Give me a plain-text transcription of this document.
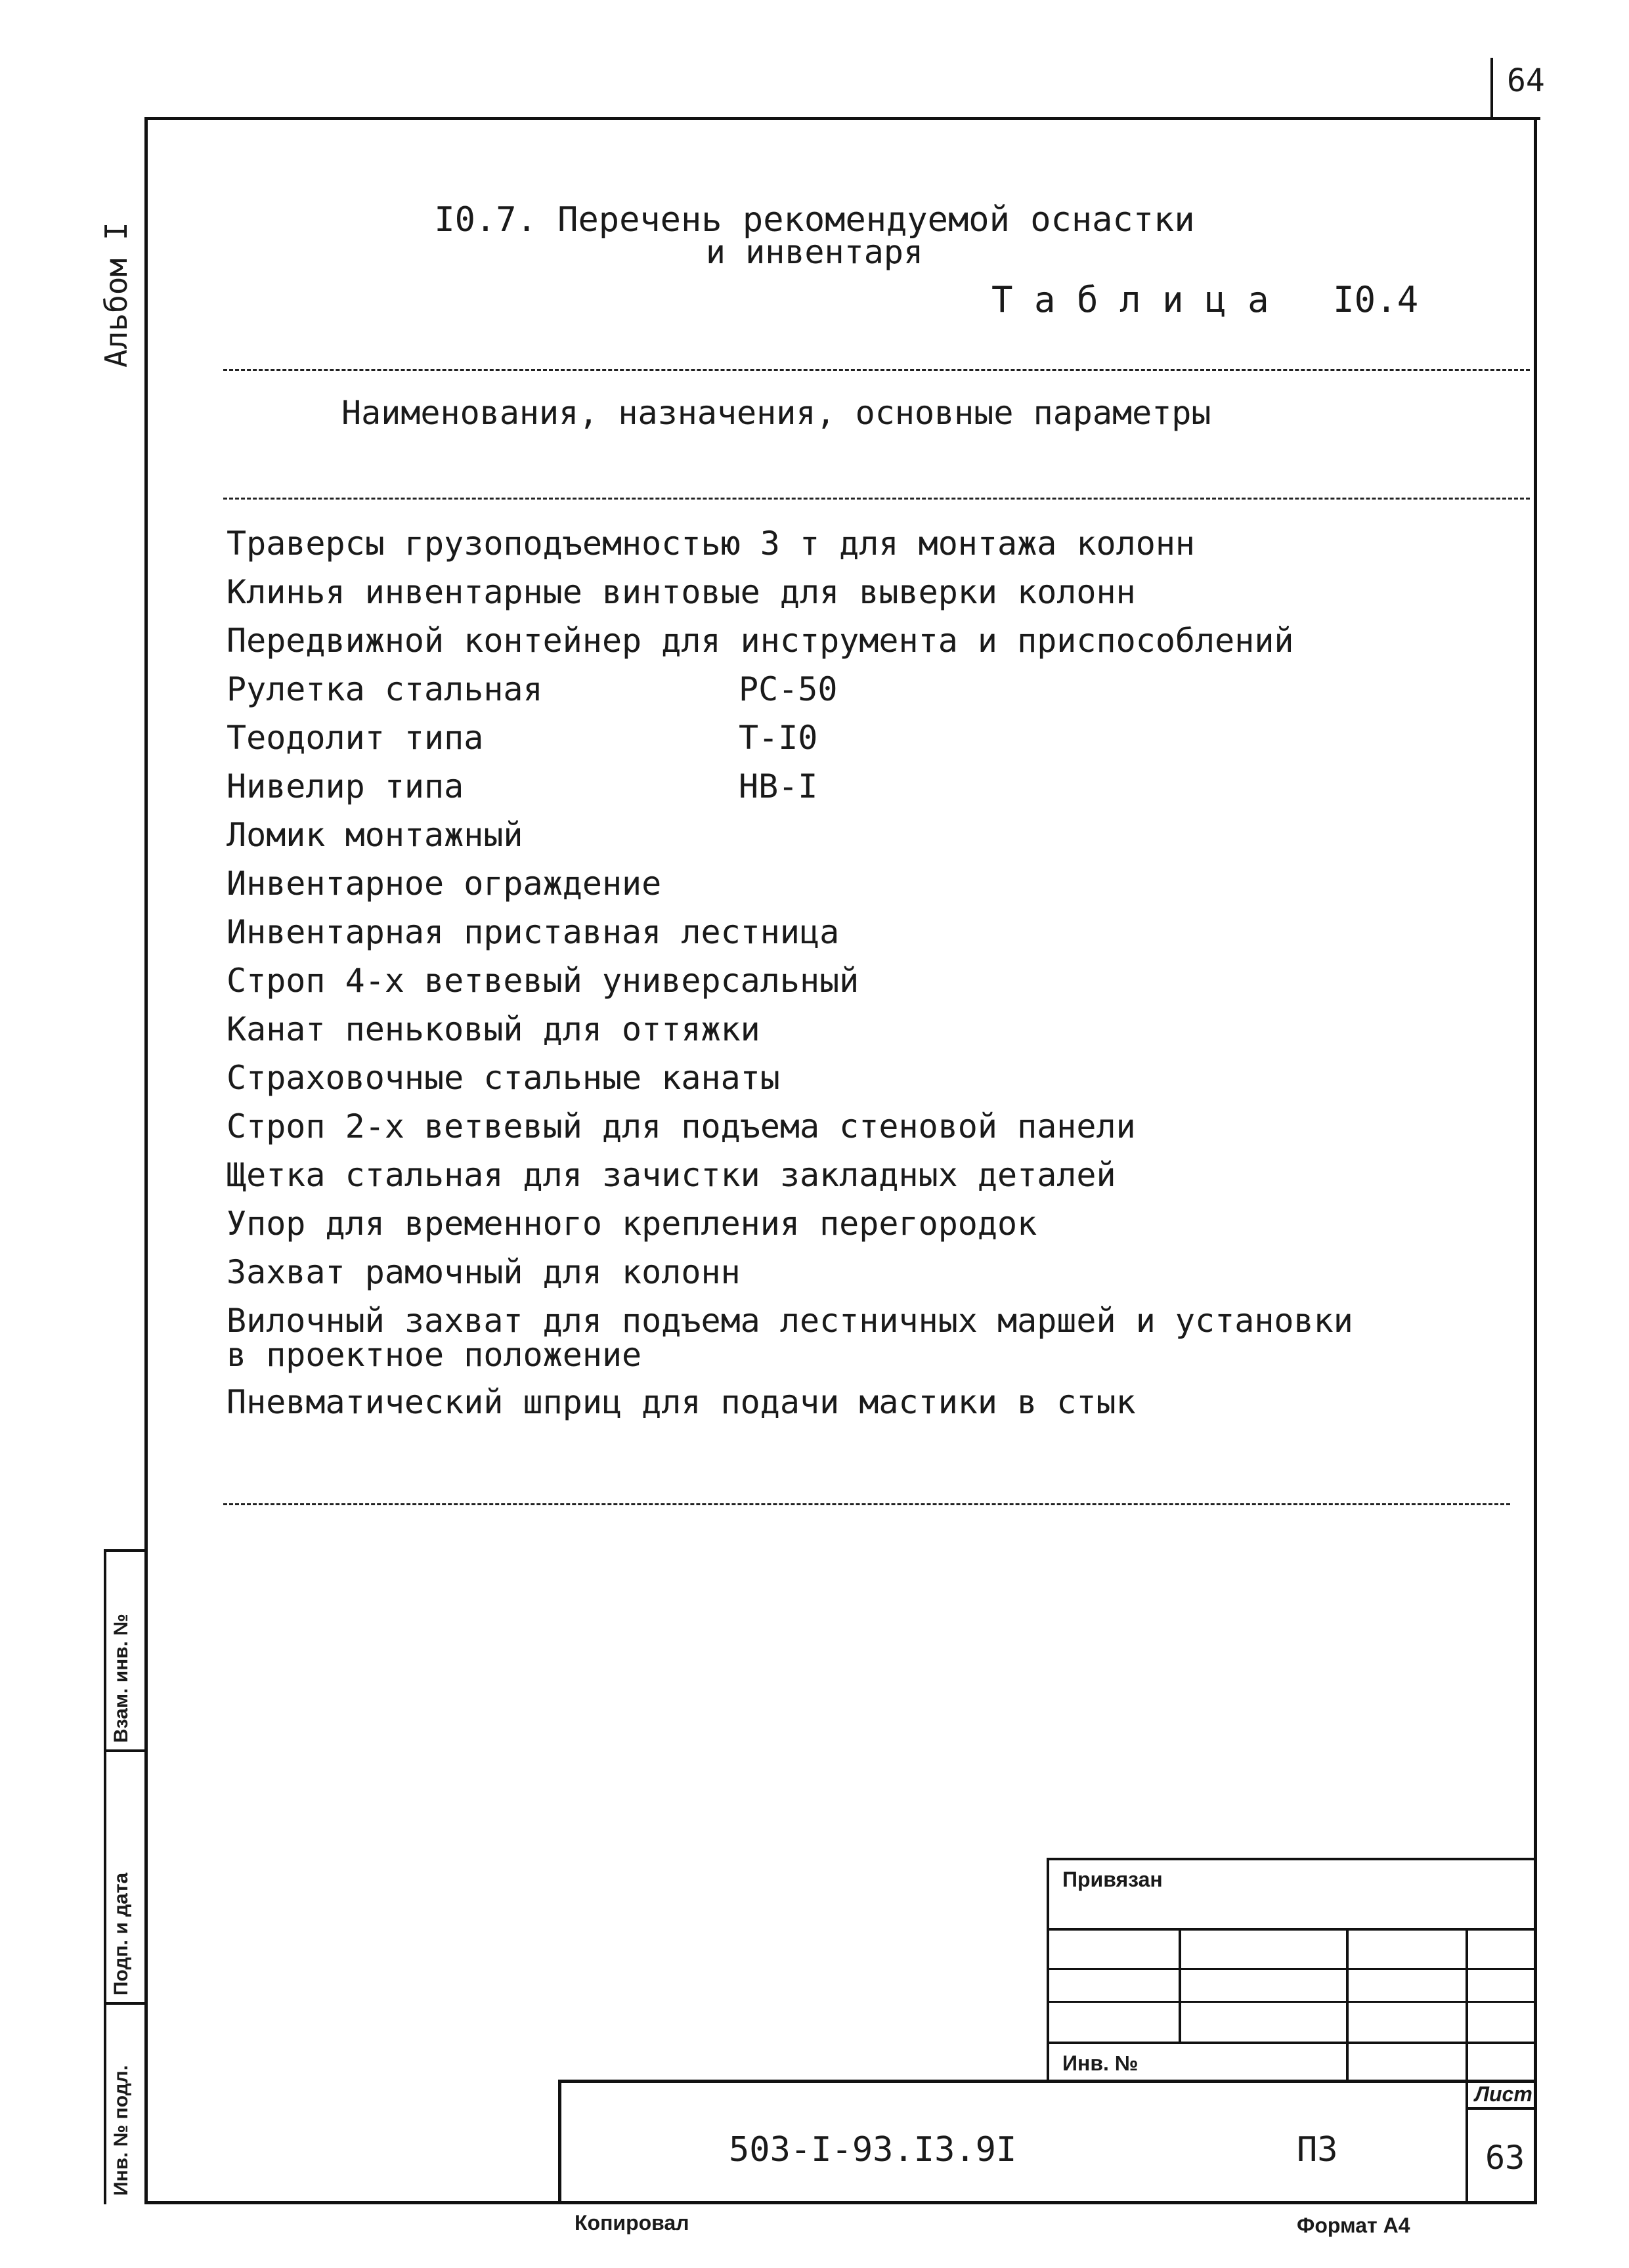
64
Альбом I
Взам. инв. №
Подп. и дата
Инв. № подл.
I0.7. Перечень рекомендуемой оснастки
и инвентаря
Т а б л и ц а   I0.4
Наименования, назначения, основные параметры
Траверсы грузоподъемностью 3 т для монтажа колонн
Клинья инвентарные винтовые для выверки колонн
Передвижной контейнер для инструмента и приспособлений
Рулетка стальная	РС-50
Теодолит типа	Т-I0
Нивелир типа	НВ-I
Ломик монтажный
Инвентарное ограждение
Инвентарная приставная лестница
Строп 4-х ветвевый универсальный
Канат пеньковый для оттяжки
Страховочные стальные канаты
Строп 2-х ветвевый для подъема стеновой панели
Щетка стальная для зачистки закладных деталей
Упор для временного крепления перегородок
Захват рамочный для колонн
Вилочный захват для подъема лестничных маршей и установки
в проектное положение
Пневматический шприц для подачи мастики в стык
Привязан
Инв. №
503-I-93.I3.9I	ПЗ
Лист
63
Копировал	Формат А4
